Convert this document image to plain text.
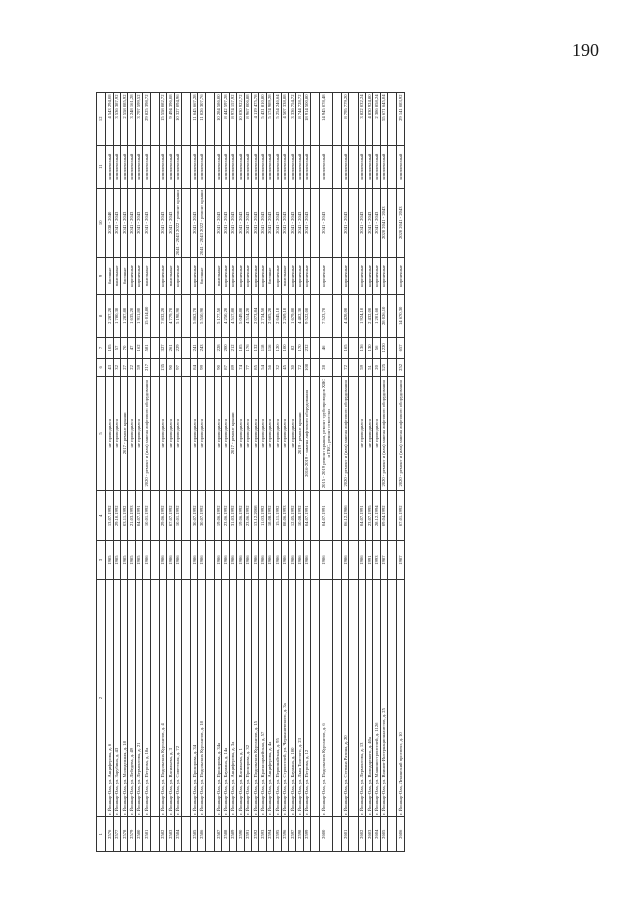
190
1	2	3	4	5	6	7	8	9	10	11	12
2576	г. Йошкар-Ола, ул. Анциферова, д. 6	1985	13.07.1992	не проводился	43	105	2 287,20	блочные	2038 - 2040	комплексный	4 543 294,08
2577	г. Йошкар-Ола, ул. Зарубина, д. 43	1985	29.10.1992	не проводился	32	57	1 780,30	панельные	2041 - 2043	комплексный	3 536 387,92
2578	г. Йошкар-Ола, ул. Молодежная, д. 18	1985	03.11.1992	2017 - ремонт крыши	27	70	1 287,80	блочные	2041 - 2043	комплексный	2 558 085,92
2579	г. Йошкар-Ола, ул. Лебедева, д. 49	1985	21.03.1993	не проводился	22	47	1 635,20	кирпичные	2041 - 2043	комплексный	3 248 161,28
2580	г. Йошкар-Ола, ул. Лермонтова, д. 21	1985	04.07.1991	не проводился	59	162	1 911,80	кирпичные	2041 - 2043	комплексный	3 797 599,52
2581	г. Йошкар-Ола, ул. Петрова, д. 18а	1986	10.01.1992	2020 - ремонт и (или) замена лифтового оборудования	217	581	15 014,80	панельные	2041 - 2043	комплексный	29 825 398,72

2582	г. Йошкар-Ола, ул. Подольских Курсантов, д. 4	1986	29.06.1992	не проводился	135	327	7 832,20	кирпичные	2041 - 2043	комплексный	15 558 082,72
2583	г. Йошкар-Ола, ул. Васильева, д. 3	1986	07.07.1992	не проводился	90	261	4 779,70	панельные	2041 - 2043	комплексный	9 494 396,08
2584	г. Йошкар-Ола, ул. Советская, д. 72	1986	10.01.1992	не проводился	97	229	5 198,90	кирпичные	2041 - 2043 2022 - ремонт крыши	комплексный	10 327 094,96

2585	г. Йошкар-Ола, ул. Прохорова, д. 34	1986	30.07.1992	не проводился	84	241	5 862,70	кирпичные	2041 - 2043	комплексный	11 645 667,28
2586	г. Йошкар-Ола, ул. Подольских Курсантов, д. 18	1986	30.07.1992	не проводился	99	243	5 550,90	блочные	2041 - 2043 2022 - ремонт крыши	комплексный	11 026 307,76

2587	г. Йошкар-Ола, ул. Прохорова, д. 34а	1986	19.06.1992	не проводился	90	228	5 177,50	панельные	2041 - 2043	комплексный	10 284 586,00
2588	г. Йошкар-Ола, ул. Баумана, д. 14а	1986	23.06.1992	не проводился	87	200	4 250,20	кирпичные	2041 - 2043	комплексный	8 442 597,28
2589	г. Йошкар-Ола, ул. Анциферова, д. 3а	1986	31.03.1992	2017 - ремонт крыши	89	212	4 517,80	кирпичные	2041 - 2043	комплексный	8 974 157,92
2590	г. Йошкар-Ола, ул. Васильева, д. 1	1986	19.06.1992	не проводился	74	185	5 049,80	кирпичные	2041 - 2043	комплексный	10 030 922,72
2591	г. Йошкар-Ола, ул. Прохорова, д. 32	1986	23.06.1992	не проводился	77	176	4 514,20	кирпичные	2041 - 2043	комплексный	8 967 006,88
2592	г. Йошкар-Ола, ул. Подольских Курсантов, д. 15	1986	13.12.2008	не проводился	85	132	2 073,84	кирпичные	2041 - 2043	комплексный	4 119 475,78
2593	г. Йошкар-Ола, ул. Красноармейская, д. 57	1986	11.03.1992	не проводился	54	118	2 734,50	кирпичные	2041 - 2043	комплексный	5 431 810,80
2594	г. Йошкар-Ола, ул. Анциферова, д. 4а	1986	18.08.1992	не проводился	56	116	2 605,20	блочные	2041 - 2043	комплексный	5 174 989,28
2595	г. Йошкар-Ола, ул. Первомайская, д. 95	1986	15.11.1992	не проводился	32	120	2 645,10	кирпичные	2041 - 2043	комплексный	5 254 246,64
2596	г. Йошкар-Ола, ул. Строителей, ул. Чернышевского, д. 3а	1986	08.06.1993	не проводился	45	100	2 269,10	панельные	2041 - 2043	комплексный	4 507 338,88
2597	г. Йошкар-Ола, ул. Баумана, д. 100	1986	12.05.1992	не проводился	30	82	1 679,80	кирпичные	2041 - 2043	комплексный	3 336 754,72
2598	г. Йошкар-Ола, ул. Льва Толстого, д. 23	1986	10.08.1992	2019 - ремонт крыши	72	170	4 402,30	кирпичные	2041 - 2043	комплексный	8 744 728,72
2599	г. Йошкар-Ола, ул. Петрова, д. 12	1986	04.07.1991	2016-2019 - замена лифтового оборудования	108	232	9 522,00	кирпичные	2041 - 2043	комплексный	18 914 500,80

2600	г. Йошкар-Ола, ул. Подольских Курсантов, д. 6	1986	04.07.1991	2015 - 2019 ремонт крыши, ремонт трубопроводов ХВС и ГВС, ремонт отмостки	28	46	7 523,70	кирпичные	2041 - 2043	комплексный	14 945 078,48

2601	г. Йошкар-Ола, ул. Степана Разина, д. 20	1986	06.12.1986	2020 - ремонт и (или) замена лифтового оборудования	72	165	4 428,00	кирпичные	2041 - 2043	комплексный	8 795 779,20

2602	г. Йошкар-Ола, ул. Лермонтова, д. 13	1986	04.07.1991	не проводился	59	136	1 924,10	кирпичные	2041 - 2043	комплексный	3 822 032,24
2603	г. Йошкар-Ола, ул. Володарского, д. 40а	1991	23.07.1995	не проводился	51	130	2 432,00	кирпичные	2041 - 2043	комплексный	4 830 924,80
2604	г. Йошкар-Ола, ул. Машиностроителей, д. 112б	1993	28.12.1994	не проводился	20	56	1 201,60	кирпичные	2041 - 2043	комплексный	2 386 858,24
2605	г. Йошкар-Ола, ул. Воинов-Интернационалистов, д. 25	1987	09.04.1992	2020 - ремонт и (или) замена лифтового оборудования	525	1220	28 026,10	кирпичные	2020 2041 - 2043	комплексный	55 671 645,04

2606	г. Йошкар-Ола, Ленинский проспект, д. 10	1987	07.01.1992	2020 - ремонт и (или) замена лифтового оборудования	252	657	14 670,30	кирпичные	2020 2041 - 2043	комплексный	29 141 083,92
